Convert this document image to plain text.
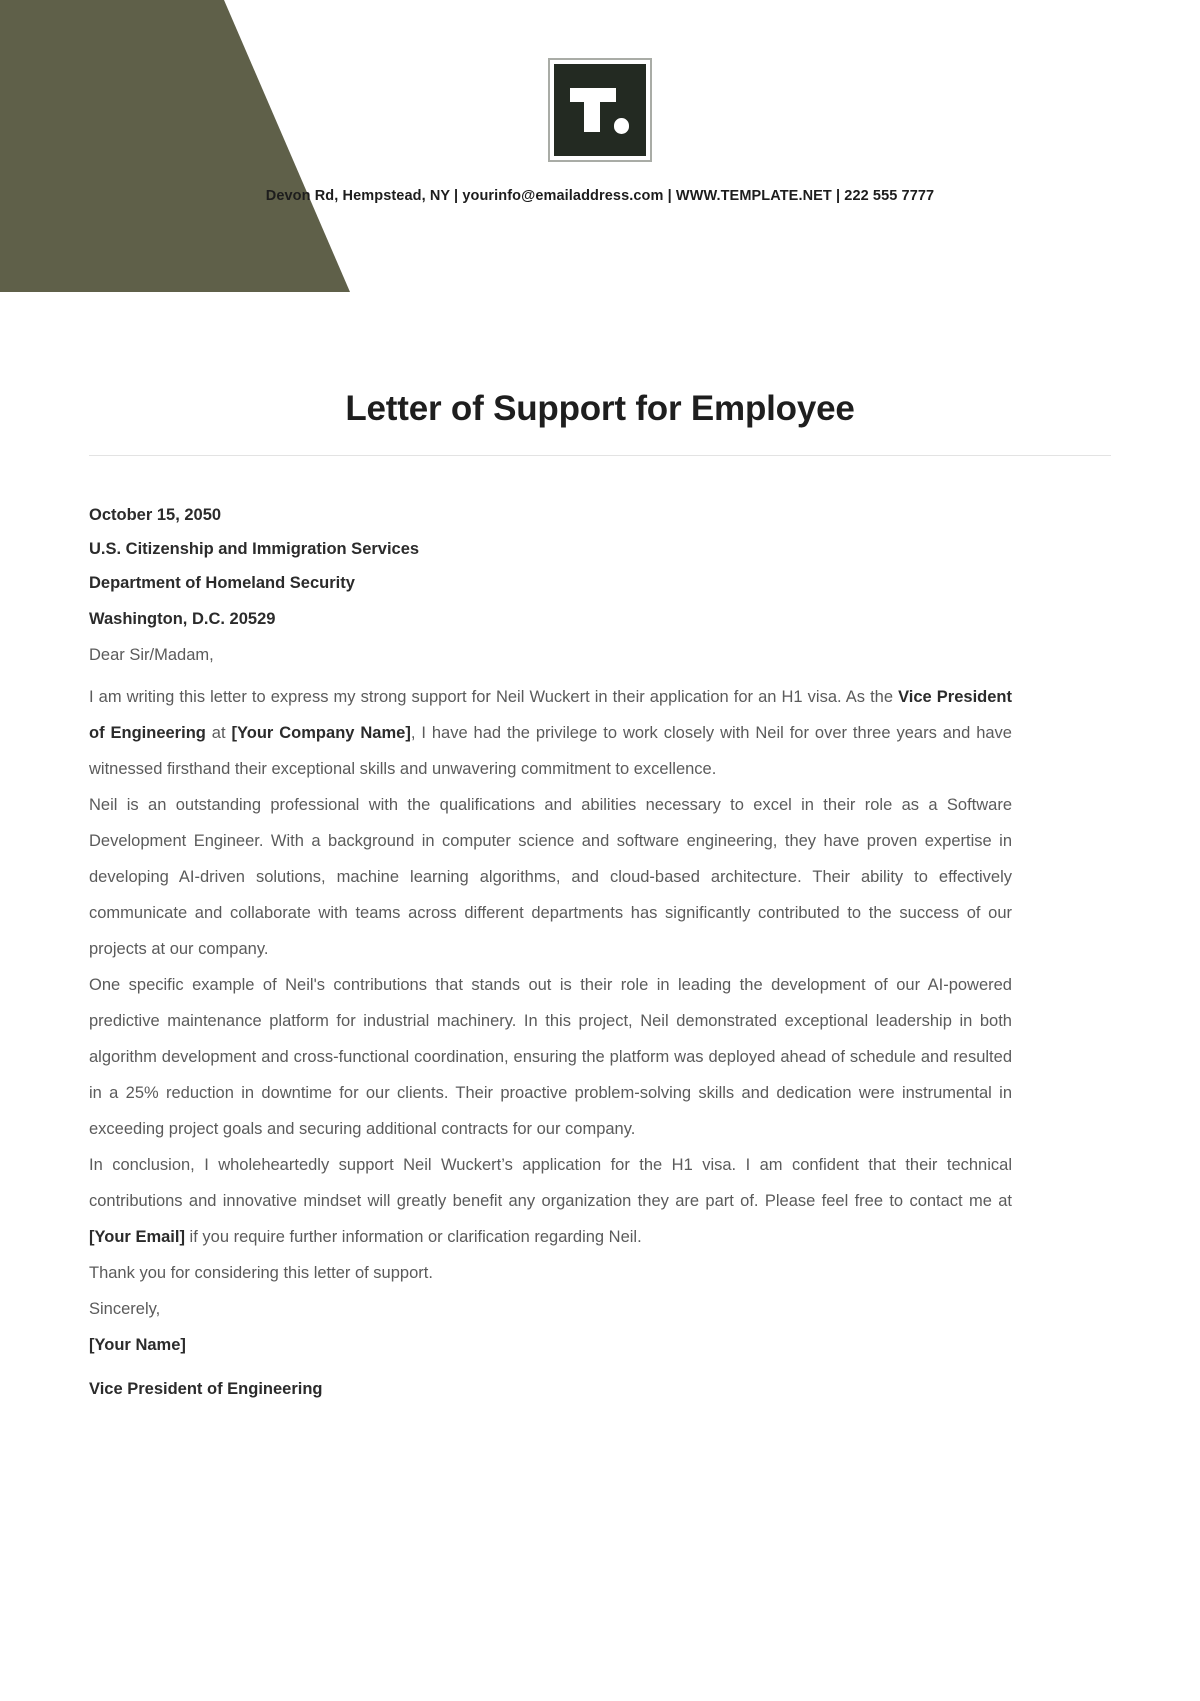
Devon Rd, Hempstead, NY | yourinfo@emailaddress.com | WWW.TEMPLATE.NET | 222 555 7777
Letter of Support for Employee

October 15, 2050

U.S. Citizenship and Immigration Services

Department of Homeland Security

Washington, D.C. 20529

Dear Sir/Madam,

I am writing this letter to express my strong support for Neil Wuckert in their application for an H1 visa. As the Vice President of Engineering at [Your Company Name], I have had the privilege to work closely with Neil for over three years and have witnessed firsthand their exceptional skills and unwavering commitment to excellence.

Neil is an outstanding professional with the qualifications and abilities necessary to excel in their role as a Software Development Engineer. With a background in computer science and software engineering, they have proven expertise in developing AI-driven solutions, machine learning algorithms, and cloud-based architecture. Their ability to effectively communicate and collaborate with teams across different departments has significantly contributed to the success of our projects at our company.

One specific example of Neil's contributions that stands out is their role in leading the development of our AI-powered predictive maintenance platform for industrial machinery. In this project, Neil demonstrated exceptional leadership in both algorithm development and cross-functional coordination, ensuring the platform was deployed ahead of schedule and resulted in a 25% reduction in downtime for our clients. Their proactive problem-solving skills and dedication were instrumental in exceeding project goals and securing additional contracts for our company.

In conclusion, I wholeheartedly support Neil Wuckert’s application for the H1 visa. I am confident that their technical contributions and innovative mindset will greatly benefit any organization they are part of. Please feel free to contact me at [Your Email] if you require further information or clarification regarding Neil.

Thank you for considering this letter of support.

Sincerely,

[Your Name]

Vice President of Engineering
